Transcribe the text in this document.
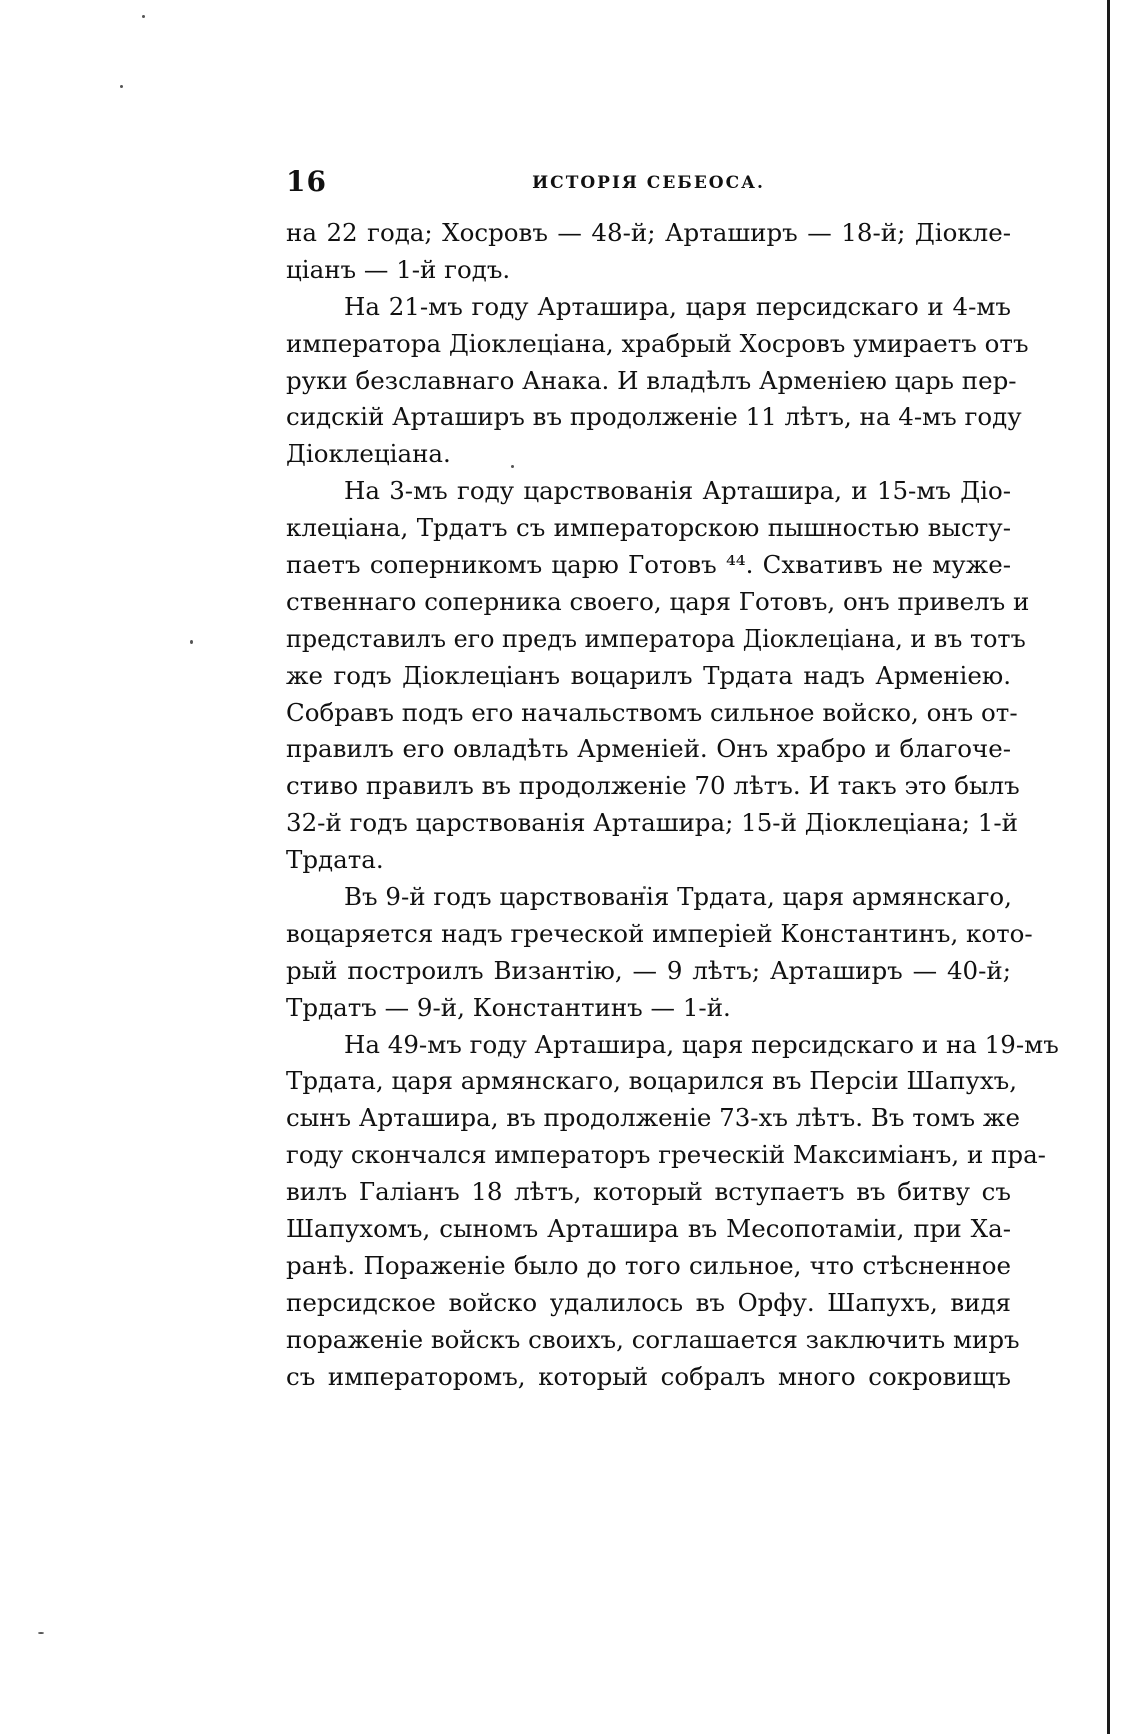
16	ИСТОРІЯ СЕБЕОСА.
на 22 года; Хосровъ — 48-й; Арташиръ — 18-й; Діокле-
ціанъ — 1-й годъ.
На 21-мъ году Арташира, царя персидскаго и 4-мъ
императора Діоклеціана, храбрый Хосровъ умираетъ отъ
руки безславнаго Анака. И владѣлъ Арменіею царь пер-
сидскій Арташиръ въ продолженіе 11 лѣтъ, на 4-мъ году
Діоклеціана.
На 3-мъ году царствованія Арташира, и 15-мъ Діо-
клеціана, Трдатъ съ императорскою пышностью высту-
паетъ соперникомъ царю Готовъ ⁴⁴. Схвативъ не муже-
ственнаго соперника своего, царя Готовъ, онъ привелъ и
представилъ его предъ императора Діоклеціана, и въ тотъ
же годъ Діоклеціанъ воцарилъ Трдата надъ Арменіею.
Собравъ подъ его начальствомъ сильное войско, онъ от-
правилъ его овладѣть Арменіей. Онъ храбро и благоче-
стиво правилъ въ продолженіе 70 лѣтъ. И такъ это былъ
32-й годъ царствованія Арташира; 15-й Діоклеціана; 1-й
Трдата.
Въ 9-й годъ царствованія Трдата, царя армянскаго,
воцаряется надъ греческой имперіей Константинъ, кото-
рый построилъ Византію, — 9 лѣтъ; Арташиръ — 40-й;
Трдатъ — 9-й, Константинъ — 1-й.
На 49-мъ году Арташира, царя персидскаго и на 19-мъ
Трдата, царя армянскаго, воцарился въ Персіи Шапухъ,
сынъ Арташира, въ продолженіе 73-хъ лѣтъ. Въ томъ же
году скончался императоръ греческій Максиміанъ, и пра-
вилъ Галіанъ 18 лѣтъ, который вступаетъ въ битву съ
Шапухомъ, сыномъ Арташира въ Месопотаміи, при Ха-
ранѣ. Пораженіе было до того сильное, что стѣсненное
персидское войско удалилось въ Орфу. Шапухъ, видя
пораженіе войскъ своихъ, соглашается заключить миръ
съ императоромъ, который собралъ много сокровищъ
